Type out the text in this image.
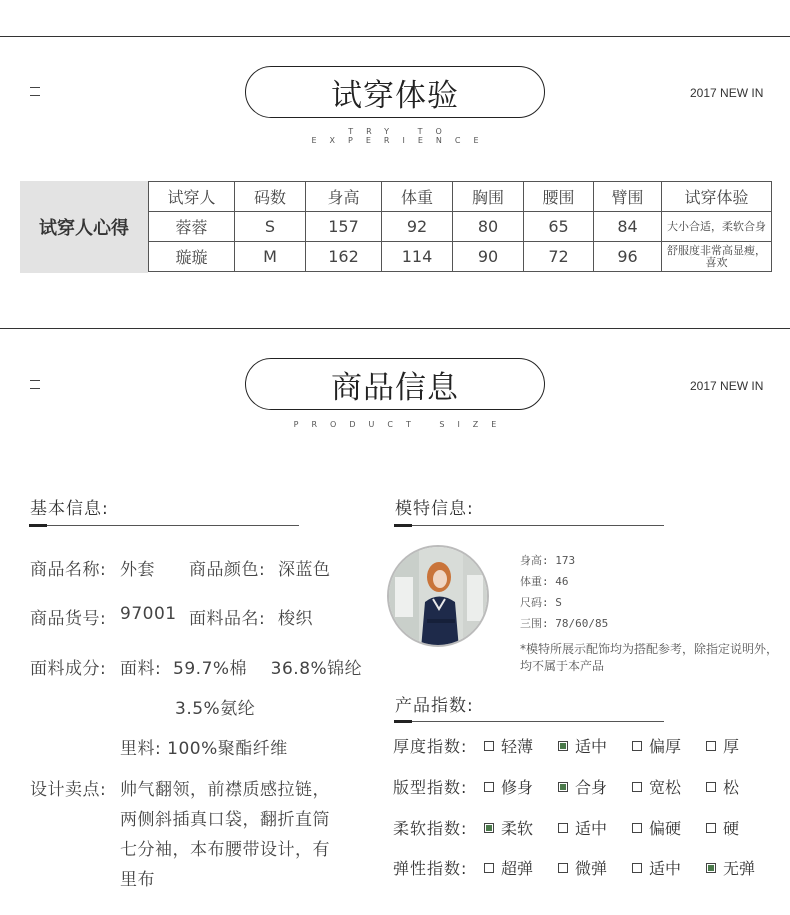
试穿体验
TRY TO EXPERIENCE
2017 NEW IN
试穿人心得
试穿人	码数	身高	体重	胸围	腰围	臂围	试穿体验
蓉蓉	S	157	92	80	65	84	大小合适，柔软合身
璇璇	M	162	114	90	72	96	舒服度非常高显瘦，喜欢
商品信息
PRODUCT SIZE
2017 NEW IN
基本信息:
商品名称: 外套 商品颜色: 深蓝色
商品货号: 97001 面料品名: 梭织
面料成分: 面料:  59.7%棉    36.8%锦纶
3.5%氨纶
里料: 100%聚酯纤维
设计卖点: 帅气翻领，前襟质感拉链，
两侧斜插真口袋，翻折直筒
七分袖，本布腰带设计，有
里布
模特信息:
身高: 173
体重: 46
尺码: S
三围: 78/60/85
*模特所展示配饰均为搭配参考，除指定说明外，均不属于本产品
产品指数:
厚度指数: 轻薄	适中	偏厚	厚
版型指数: 修身	合身	宽松	松
柔软指数: 柔软	适中	偏硬	硬
弹性指数: 超弹	微弹	适中	无弹
